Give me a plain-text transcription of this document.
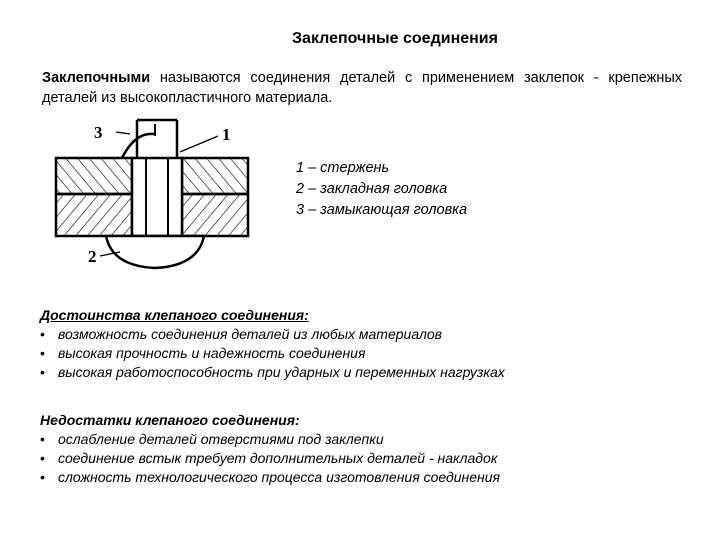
Заклепочные соединения
Заклепочными называются соединения деталей с применением заклепок - крепежных деталей из высокопластичного материала.
3	1
2
1 – стержень
2 – закладная головка
3 – замыкающая головка
Достоинства клепаного соединения:
• возможность соединения деталей из любых материалов
• высокая прочность и надежность соединения
• высокая работоспособность при ударных и переменных нагрузках
Недостатки клепаного соединения:
• ослабление деталей отверстиями под заклепки
• соединение встык требует дополнительных деталей - накладок
• сложность технологического процесса изготовления соединения
